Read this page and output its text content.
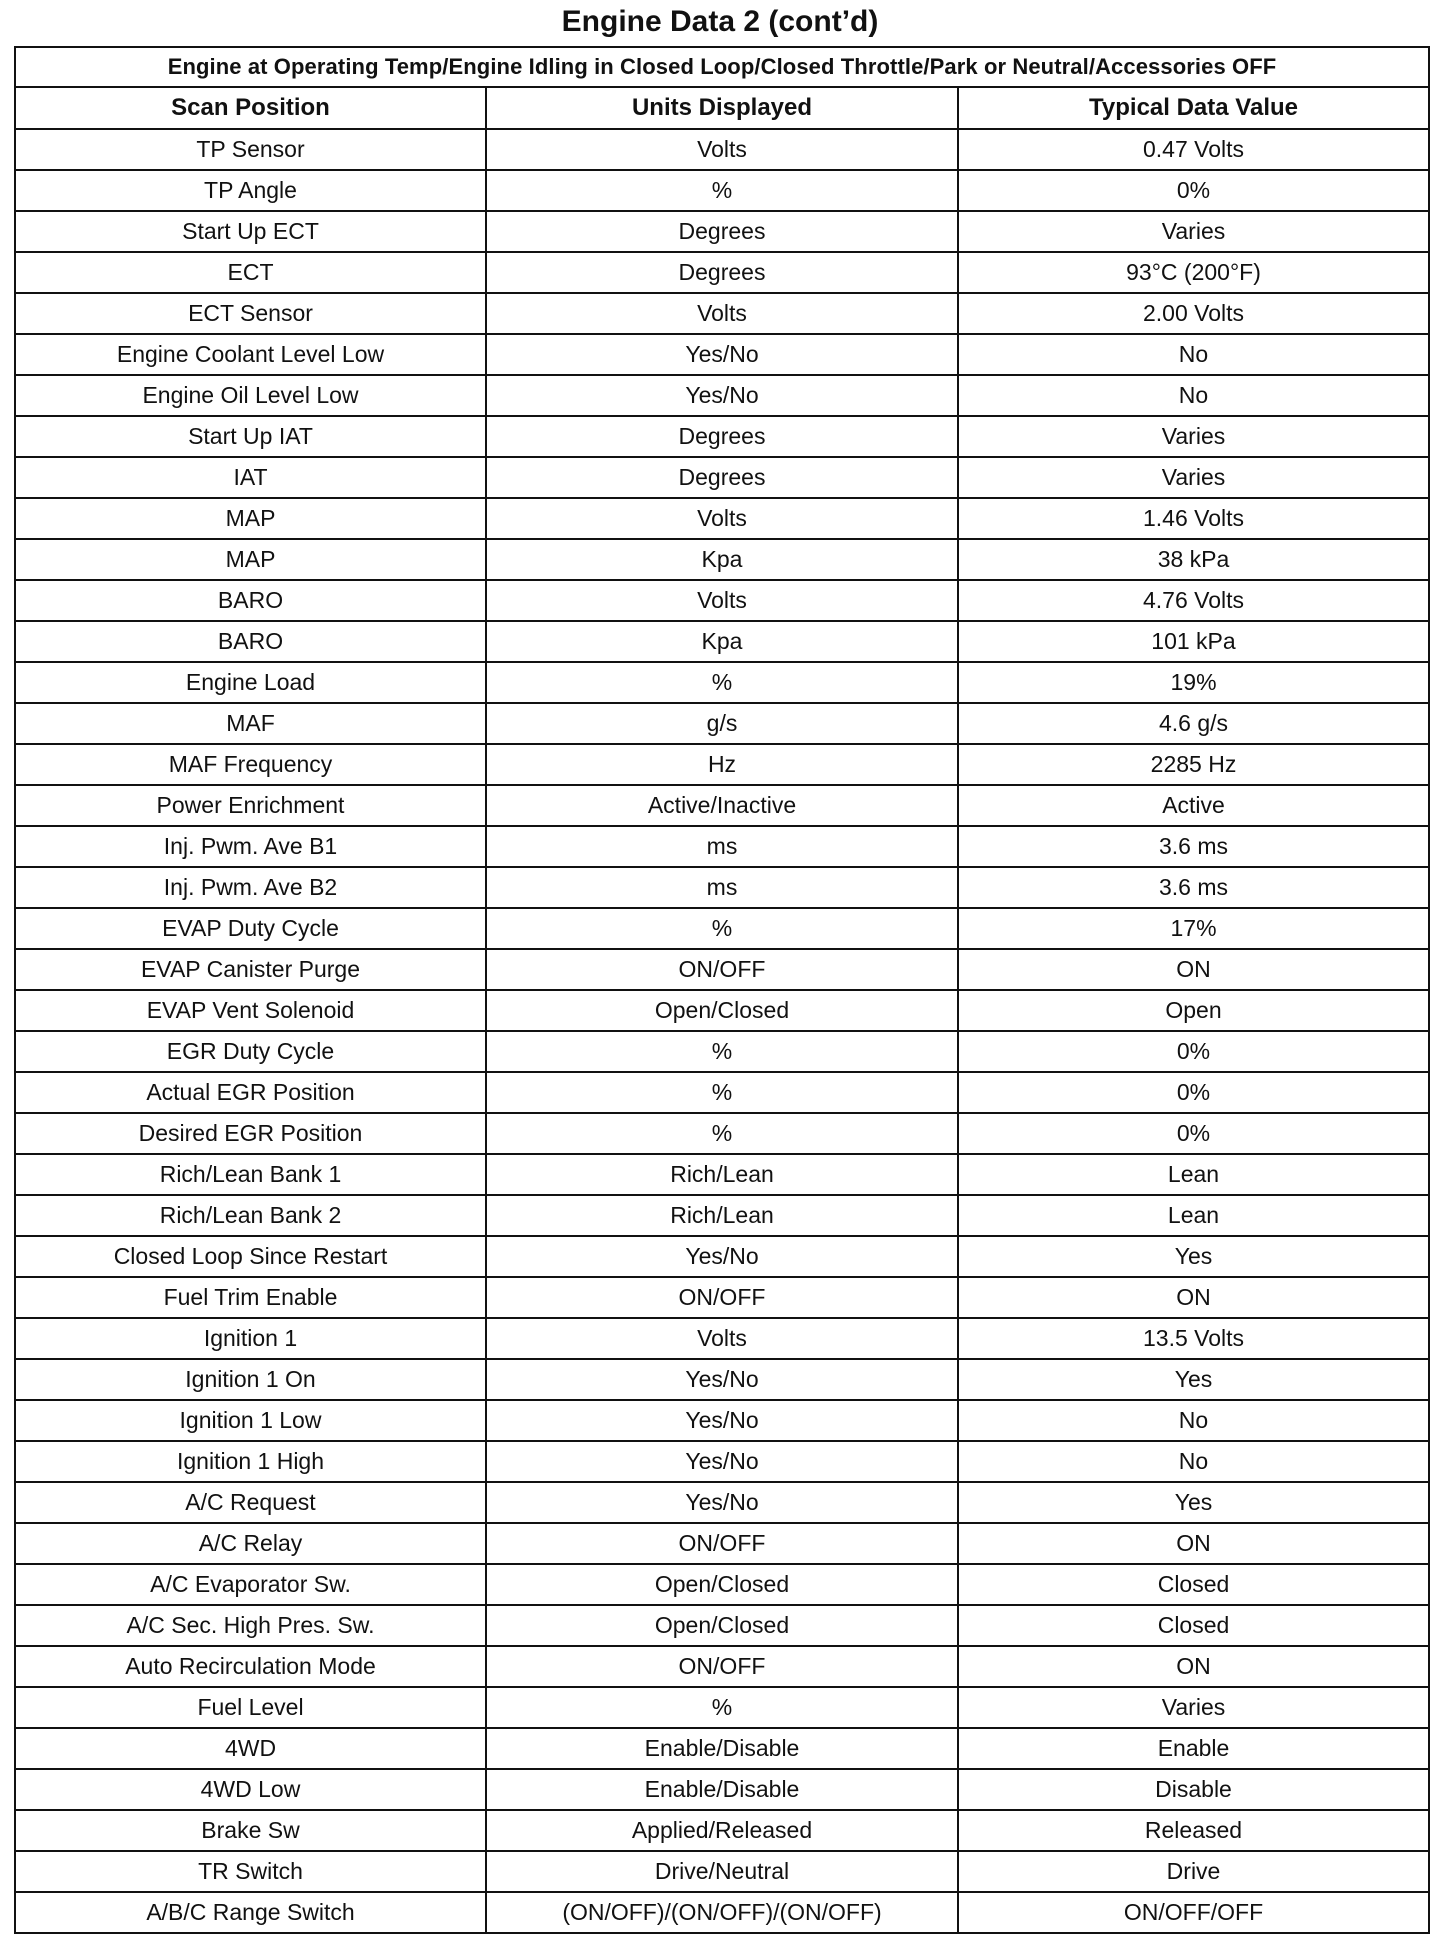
Engine Data 2 (cont’d)
Engine at Operating Temp/Engine Idling in Closed Loop/Closed Throttle/Park or Neutral/Accessories OFF		
Scan Position	Units Displayed	Typical Data Value
TP Sensor	Volts	0.47 Volts
TP Angle	%	0%
Start Up ECT	Degrees	Varies
ECT	Degrees	93°C (200°F)
ECT Sensor	Volts	2.00 Volts
Engine Coolant Level Low	Yes/No	No
Engine Oil Level Low	Yes/No	No
Start Up IAT	Degrees	Varies
IAT	Degrees	Varies
MAP	Volts	1.46 Volts
MAP	Kpa	38 kPa
BARO	Volts	4.76 Volts
BARO	Kpa	101 kPa
Engine Load	%	19%
MAF	g/s	4.6 g/s
MAF Frequency	Hz	2285 Hz
Power Enrichment	Active/Inactive	Active
Inj. Pwm. Ave B1	ms	3.6 ms
Inj. Pwm. Ave B2	ms	3.6 ms
EVAP Duty Cycle	%	17%
EVAP Canister Purge	ON/OFF	ON
EVAP Vent Solenoid	Open/Closed	Open
EGR Duty Cycle	%	0%
Actual EGR Position	%	0%
Desired EGR Position	%	0%
Rich/Lean Bank 1	Rich/Lean	Lean
Rich/Lean Bank 2	Rich/Lean	Lean
Closed Loop Since Restart	Yes/No	Yes
Fuel Trim Enable	ON/OFF	ON
Ignition 1	Volts	13.5 Volts
Ignition 1 On	Yes/No	Yes
Ignition 1 Low	Yes/No	No
Ignition 1 High	Yes/No	No
A/C Request	Yes/No	Yes
A/C Relay	ON/OFF	ON
A/C Evaporator Sw.	Open/Closed	Closed
A/C Sec. High Pres. Sw.	Open/Closed	Closed
Auto Recirculation Mode	ON/OFF	ON
Fuel Level	%	Varies
4WD	Enable/Disable	Enable
4WD Low	Enable/Disable	Disable
Brake Sw	Applied/Released	Released
TR Switch	Drive/Neutral	Drive
A/B/C Range Switch	(ON/OFF)/(ON/OFF)/(ON/OFF)	ON/OFF/OFF
